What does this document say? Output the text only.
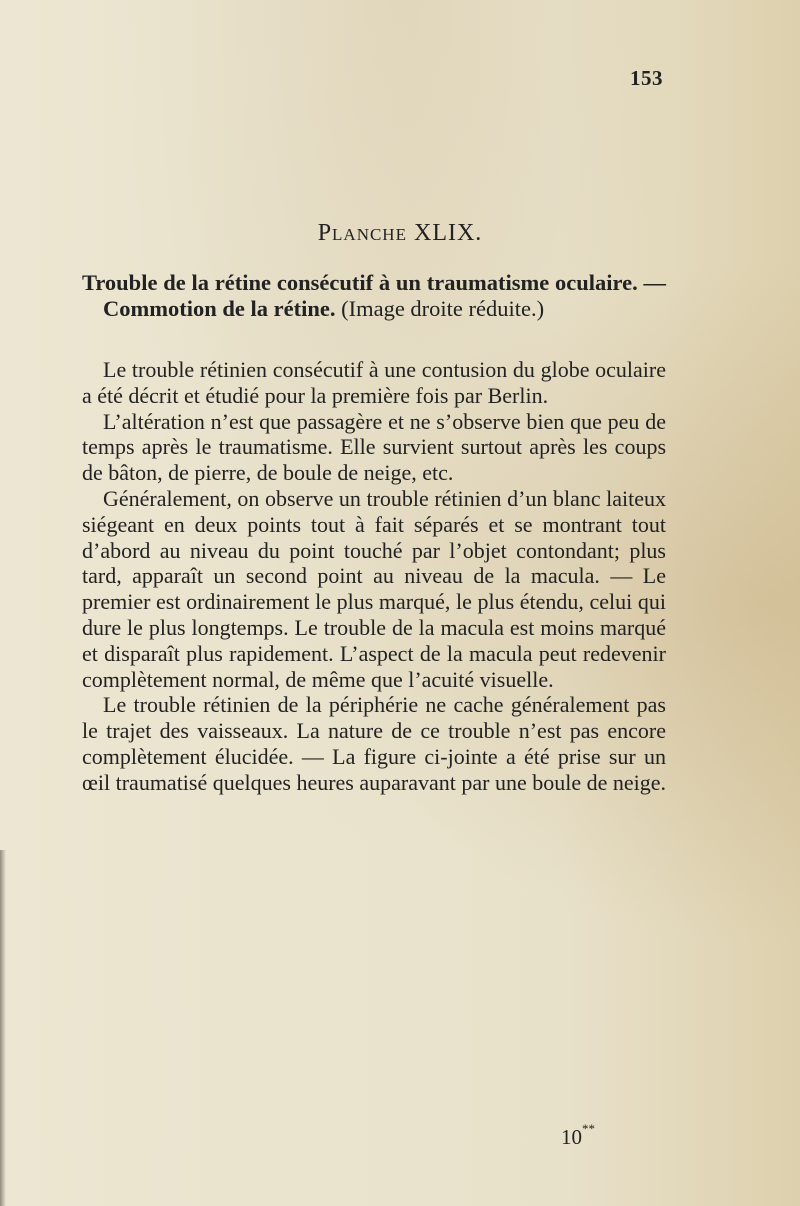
153
Planche XLIX.
Trouble de la rétine consécutif à un traumatisme oculaire. — Commotion de la rétine. (Image droite réduite.)

Le trouble rétinien consécutif à une contusion du globe oculaire a été décrit et étudié pour la première fois par Berlin.

L’altération n’est que passagère et ne s’observe bien que peu de temps après le traumatisme. Elle survient surtout après les coups de bâton, de pierre, de boule de neige, etc.

Généralement, on observe un trouble rétinien d’un blanc laiteux siégeant en deux points tout à fait séparés et se montrant tout d’abord au niveau du point touché par l’objet contondant; plus tard, apparaît un second point au niveau de la macula. — Le premier est ordinairement le plus marqué, le plus étendu, celui qui dure le plus longtemps. Le trouble de la macula est moins marqué et disparaît plus rapidement. L’aspect de la macula peut redevenir complètement normal, de même que l’acuité visuelle.

Le trouble rétinien de la périphérie ne cache généralement pas le trajet des vaisseaux. La nature de ce trouble n’est pas encore complètement élucidée. — La figure ci-jointe a été prise sur un œil traumatisé quelques heures auparavant par une boule de neige.

10**
